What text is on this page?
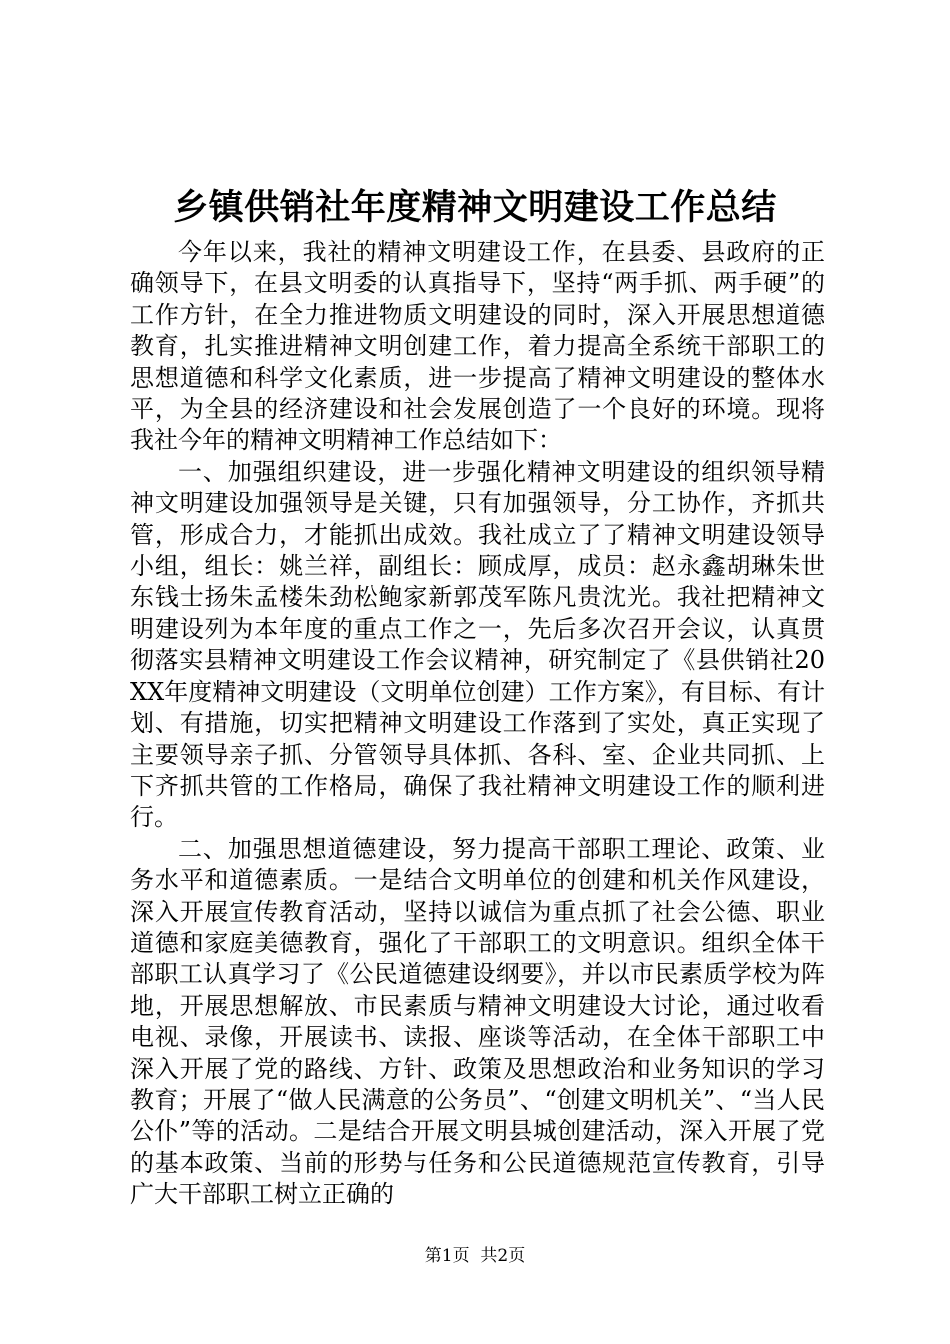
乡镇供销社年度精神文明建设工作总结

今年以来，我社的精神文明建设工作，在县委、县政府的正确领导下，在县文明委的认真指导下，坚持“两手抓、两手硬”的工作方针，在全力推进物质文明建设的同时，深入开展思想道德教育，扎实推进精神文明创建工作，着力提高全系统干部职工的思想道德和科学文化素质，进一步提高了精神文明建设的整体水平，为全县的经济建设和社会发展创造了一个良好的环境。现将我社今年的精神文明精神工作总结如下：

一、加强组织建设，进一步强化精神文明建设的组织领导精神文明建设加强领导是关键，只有加强领导，分工协作，齐抓共管，形成合力，才能抓出成效。我社成立了了精神文明建设领导小组，组长：姚兰祥，副组长：顾成厚，成员：赵永鑫胡琳朱世东钱士扬朱孟楼朱劲松鲍家新郭茂军陈凡贵沈光。我社把精神文明建设列为本年度的重点工作之一，先后多次召开会议，认真贯彻落实县精神文明建设工作会议精神，研究制定了《县供销社20XX年度精神文明建设（文明单位创建）工作方案》，有目标、有计划、有措施，切实把精神文明建设工作落到了实处，真正实现了主要领导亲子抓、分管领导具体抓、各科、室、企业共同抓、上下齐抓共管的工作格局，确保了我社精神文明建设工作的顺利进行。

二、加强思想道德建设，努力提高干部职工理论、政策、业务水平和道德素质。一是结合文明单位的创建和机关作风建设，深入开展宣传教育活动，坚持以诚信为重点抓了社会公德、职业道德和家庭美德教育，强化了干部职工的文明意识。组织全体干部职工认真学习了《公民道德建设纲要》，并以市民素质学校为阵地，开展思想解放、市民素质与精神文明建设大讨论，通过收看电视、录像，开展读书、读报、座谈等活动，在全体干部职工中深入开展了党的路线、方针、政策及思想政治和业务知识的学习教育；开展了“做人民满意的公务员”、“创建文明机关”、“当人民公仆”等的活动。二是结合开展文明县城创建活动，深入开展了党的基本政策、当前的形势与任务和公民道德规范宣传教育，引导广大干部职工树立正确的

第1页 共2页
